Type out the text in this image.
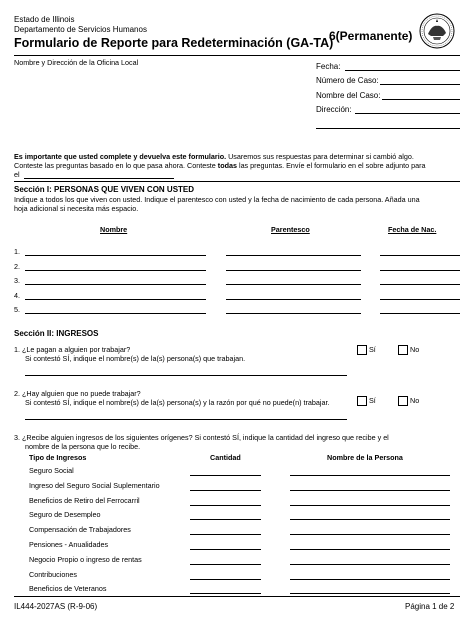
Estado de Illinois
Departamento de Servicios Humanos
Formulario de Reporte para Redeterminación (GA-TA)
6(Permanente)
Nombre y Dirección de la Oficina Local	Fecha:
Número de Caso:
Nombre del Caso:
Dirección:
Es importante que usted complete y devuelva este formulario. Usaremos sus respuestas para determinar si cambió algo.
Conteste las preguntas basado en lo que pasa ahora. Conteste todas las preguntas. Envíe el formulario en el sobre adjunto para
el
Sección I: PERSONAS QUE VIVEN CON USTED
Indique a todos los que viven con usted. Indique el parentesco con usted y la fecha de nacimiento de cada persona. Añada una
hoja adicional si necesita más espacio.
Nombre	Parentesco	Fecha de Nac.
1.
2.
3.
4.
5.
Sección II: INGRESOS
1. ¿Le pagan a alguien por trabajar?
Si contestó SÍ, indique el nombre(s) de la(s) persona(s) que trabajan.
Sí	No
2. ¿Hay alguien que no puede trabajar?
Si contestó SÍ, indique el nombre(s) de la(s) persona(s) y la razón por qué no puede(n) trabajar.	Sí	No
3. ¿Recibe alguien ingresos de los siguientes orígenes? Si contestó SÍ, indique la cantidad del ingreso que recibe y el
nombre de la persona que lo recibe.
Tipo de Ingresos	Cantidad	Nombre de la Persona
Seguro Social
Ingreso del Seguro Social Suplementario
Beneficios de Retiro del Ferrocarril
Seguro de Desempleo
Compensación de Trabajadores
Pensiones - Anualidades
Negocio Propio o ingreso de rentas
Contribuciones
Beneficios de Veteranos
IL444-2027AS (R-9-06)	Página 1 de 2
